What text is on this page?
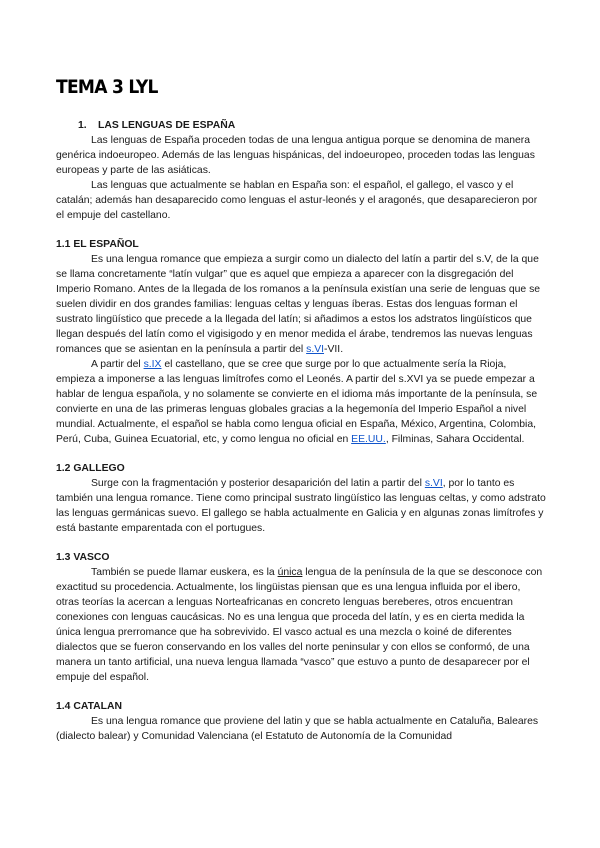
TEMA 3 LYL
1. LAS LENGUAS DE ESPAÑA

Las lenguas de España proceden todas de una lengua antigua porque se denomina de manera genérica indoeuropeo. Además de las lenguas hispánicas, del indoeuropeo, proceden todas las lenguas europeas y parte de las asiáticas.

Las lenguas que actualmente se hablan en España son: el español, el gallego, el vasco y el catalán; además han desaparecido como lenguas el astur-leonés y el aragonés, que desaparecieron por el empuje del castellano.

1.1 EL ESPAÑOL

Es una lengua romance que empieza a surgir como un dialecto del latín a partir del s.V, de la que se llama concretamente “latín vulgar” que es aquel que empieza a aparecer con la disgregación del Imperio Romano. Antes de la llegada de los romanos a la península existían una serie de lenguas que se suelen dividir en dos grandes familias: lenguas celtas y lenguas íberas. Estas dos lenguas forman el sustrato lingüístico que precede a la llegada del latín; si añadimos a estos los adstratos lingüísticos que llegan después del latín como el vigisigodo y en menor medida el árabe, tendremos las nuevas lenguas romances que se asientan en la península a partir del s.VI-VII.

A partir del s.IX el castellano, que se cree que surge por lo que actualmente sería la Rioja, empieza a imponerse a las lenguas limítrofes como el Leonés. A partir del s.XVI ya se puede empezar a hablar de lengua española, y no solamente se convierte en el idioma más importante de la península, se convierte en una de las primeras lenguas globales gracias a la hegemonía del Imperio Español a nivel mundial. Actualmente, el español se habla como lengua oficial en España, México, Argentina, Colombia, Perú, Cuba, Guinea Ecuatorial, etc, y como lengua no oficial en EE.UU., Filminas, Sahara Occidental.

1.2 GALLEGO

Surge con la fragmentación y posterior desaparición del latin a partir del s.VI, por lo tanto es también una lengua romance. Tiene como principal sustrato lingüístico las lenguas celtas, y como adstrato las lenguas germánicas suevo. El gallego se habla actualmente en Galicia y en algunas zonas limítrofes y está bastante emparentada con el portugues.

1.3 VASCO

También se puede llamar euskera, es la única lengua de la península de la que se desconoce con exactitud su procedencia. Actualmente, los lingüistas piensan que es una lengua influida por el ibero, otras teorías la acercan a lenguas Norteafricanas en concreto lenguas bereberes, otros encuentran conexiones con lenguas caucásicas. No es una lengua que proceda del latín, y es en cierta medida la única lengua prerromance que ha sobrevivido. El vasco actual es una mezcla o koiné de diferentes dialectos que se fueron conservando en los valles del norte peninsular y con ellos se conformó, de una manera un tanto artificial, una nueva lengua llamada “vasco” que estuvo a punto de desaparecer por el empuje del español.

1.4 CATALAN

Es una lengua romance que proviene del latin y que se habla actualmente en Cataluña, Baleares (dialecto balear) y Comunidad Valenciana (el Estatuto de Autonomía de la Comunidad
